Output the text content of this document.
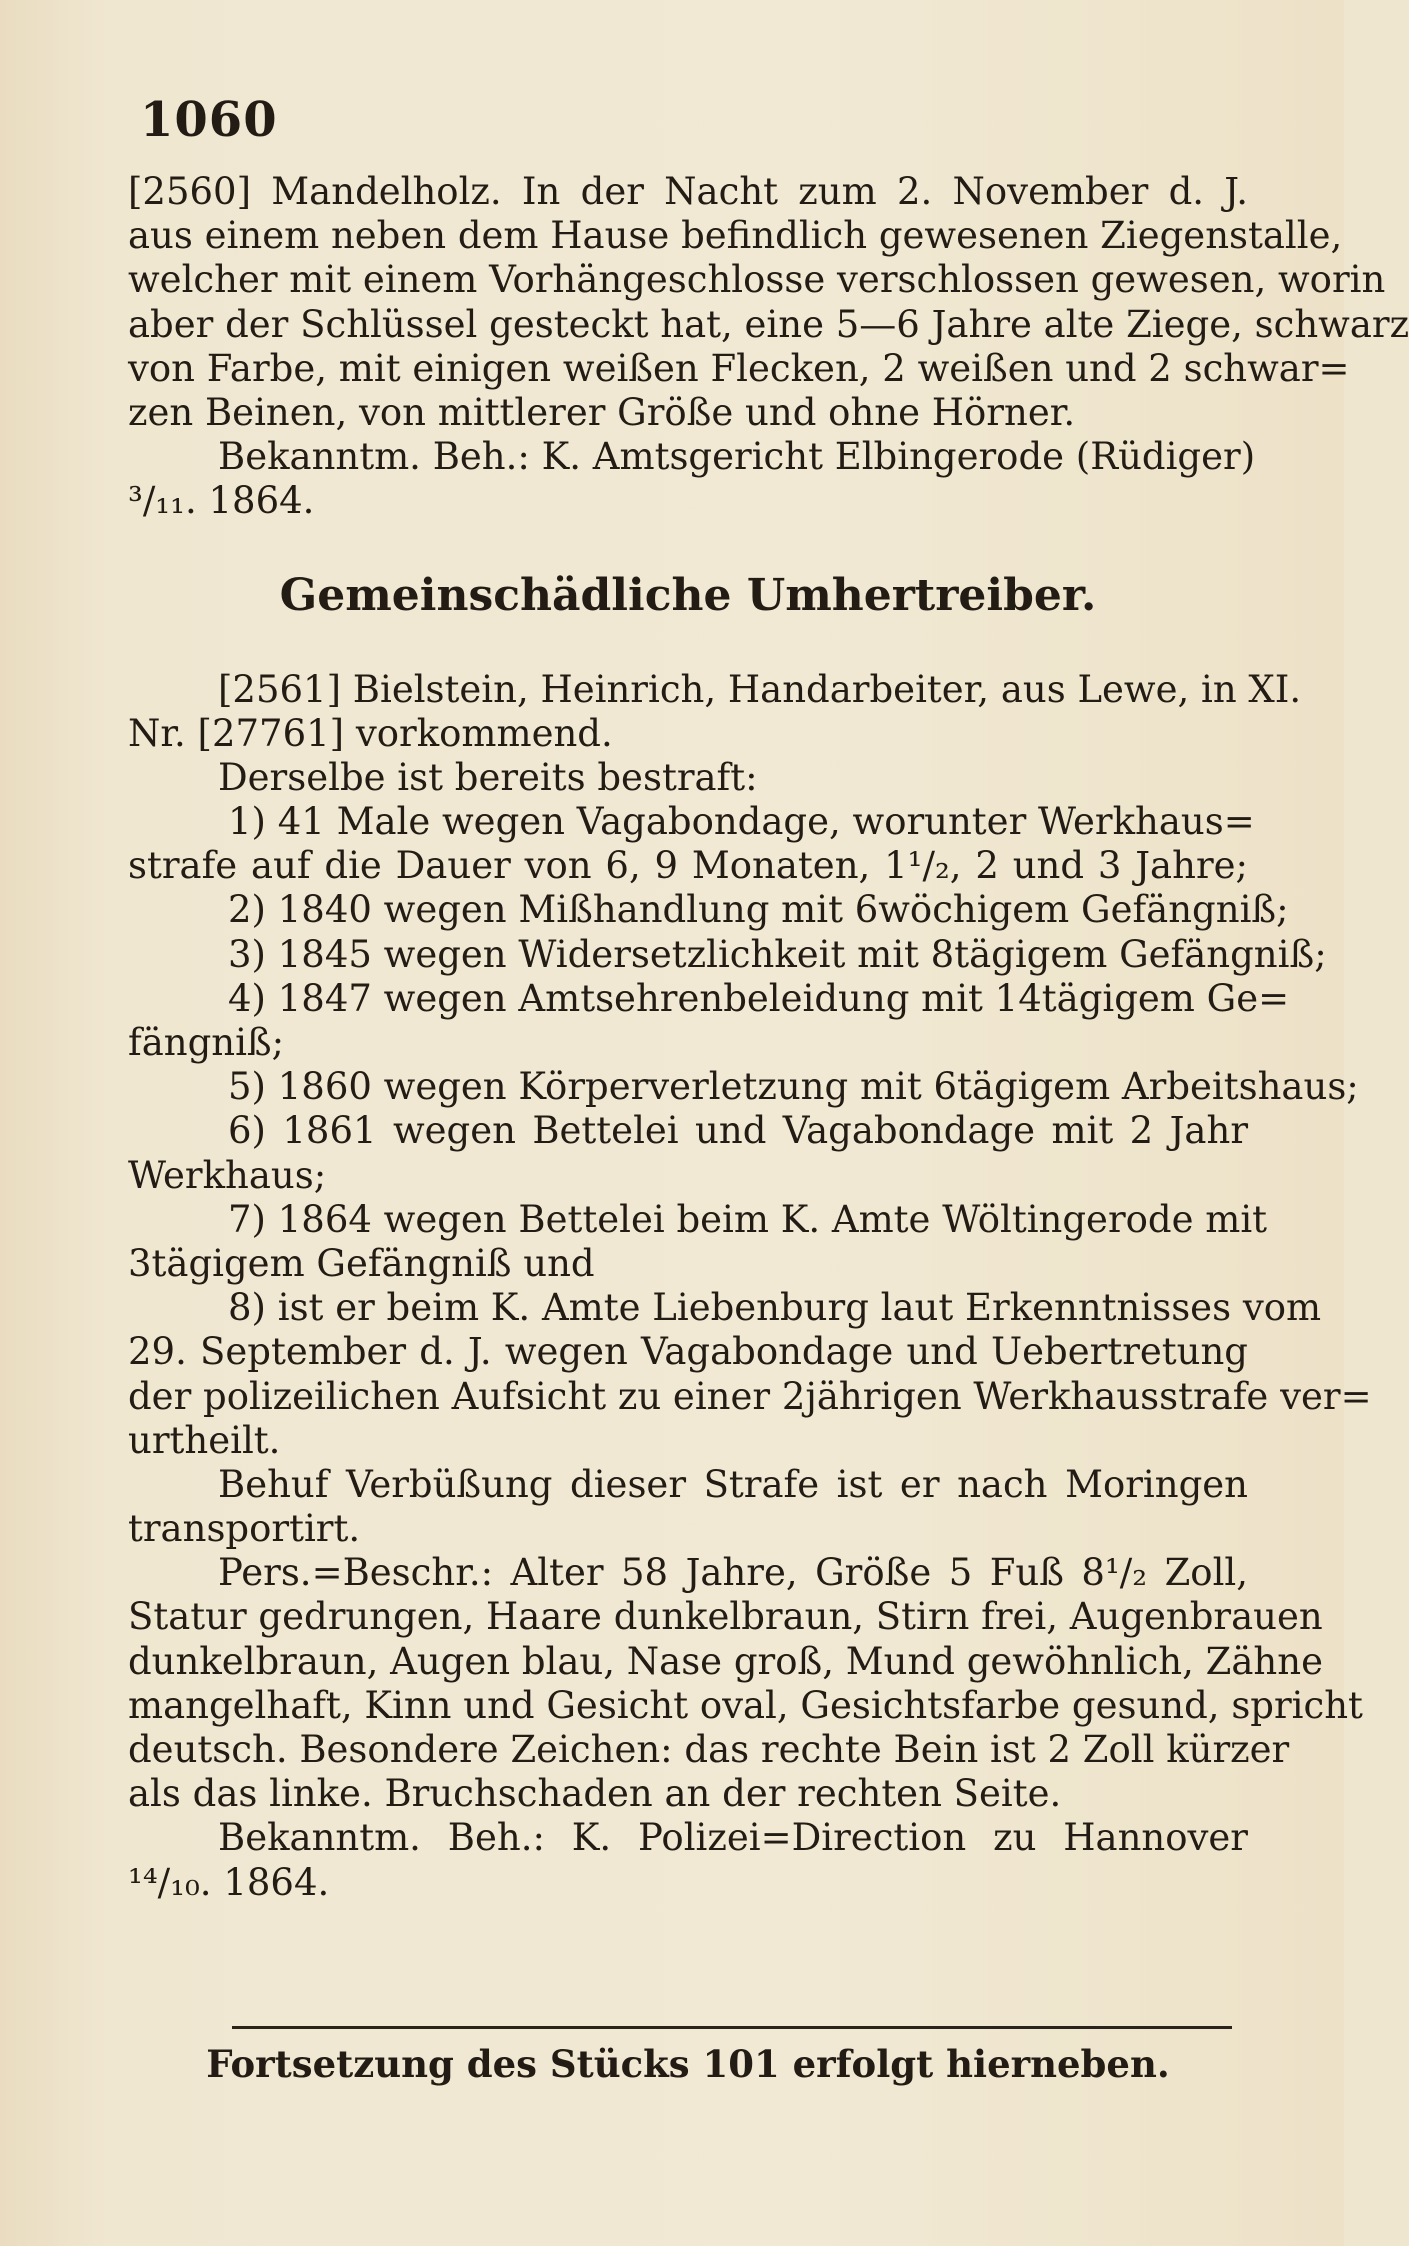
1060
[2560] Mandelholz. In der Nacht zum 2. November d. J.
aus einem neben dem Hause befindlich gewesenen Ziegenstalle,
welcher mit einem Vorhängeschlosse verschlossen gewesen, worin
aber der Schlüssel gesteckt hat, eine 5—6 Jahre alte Ziege, schwarz
von Farbe, mit einigen weißen Flecken, 2 weißen und 2 schwar=
zen Beinen, von mittlerer Größe und ohne Hörner.
Bekanntm. Beh.: K. Amtsgericht Elbingerode (Rüdiger)
³/₁₁. 1864.
Gemeinschädliche Umhertreiber.
[2561] Bielstein, Heinrich, Handarbeiter, aus Lewe, in XI.
Nr. [27761] vorkommend.
Derselbe ist bereits bestraft:
1) 41 Male wegen Vagabondage, worunter Werkhaus=
strafe auf die Dauer von 6, 9 Monaten, 1¹/₂, 2 und 3 Jahre;
2) 1840 wegen Mißhandlung mit 6wöchigem Gefängniß;
3) 1845 wegen Widersetzlichkeit mit 8tägigem Gefängniß;
4) 1847 wegen Amtsehrenbeleidung mit 14tägigem Ge=
fängniß;
5) 1860 wegen Körperverletzung mit 6tägigem Arbeitshaus;
6) 1861 wegen Bettelei und Vagabondage mit 2 Jahr
Werkhaus;
7) 1864 wegen Bettelei beim K. Amte Wöltingerode mit
3tägigem Gefängniß und
8) ist er beim K. Amte Liebenburg laut Erkenntnisses vom
29. September d. J. wegen Vagabondage und Uebertretung
der polizeilichen Aufsicht zu einer 2jährigen Werkhausstrafe ver=
urtheilt.
Behuf Verbüßung dieser Strafe ist er nach Moringen
transportirt.
Pers.=Beschr.: Alter 58 Jahre, Größe 5 Fuß 8¹/₂ Zoll,
Statur gedrungen, Haare dunkelbraun, Stirn frei, Augenbrauen
dunkelbraun, Augen blau, Nase groß, Mund gewöhnlich, Zähne
mangelhaft, Kinn und Gesicht oval, Gesichtsfarbe gesund, spricht
deutsch. Besondere Zeichen: das rechte Bein ist 2 Zoll kürzer
als das linke. Bruchschaden an der rechten Seite.
Bekanntm. Beh.: K. Polizei=Direction zu Hannover
¹⁴/₁₀. 1864.
Fortsetzung des Stücks 101 erfolgt hierneben.
